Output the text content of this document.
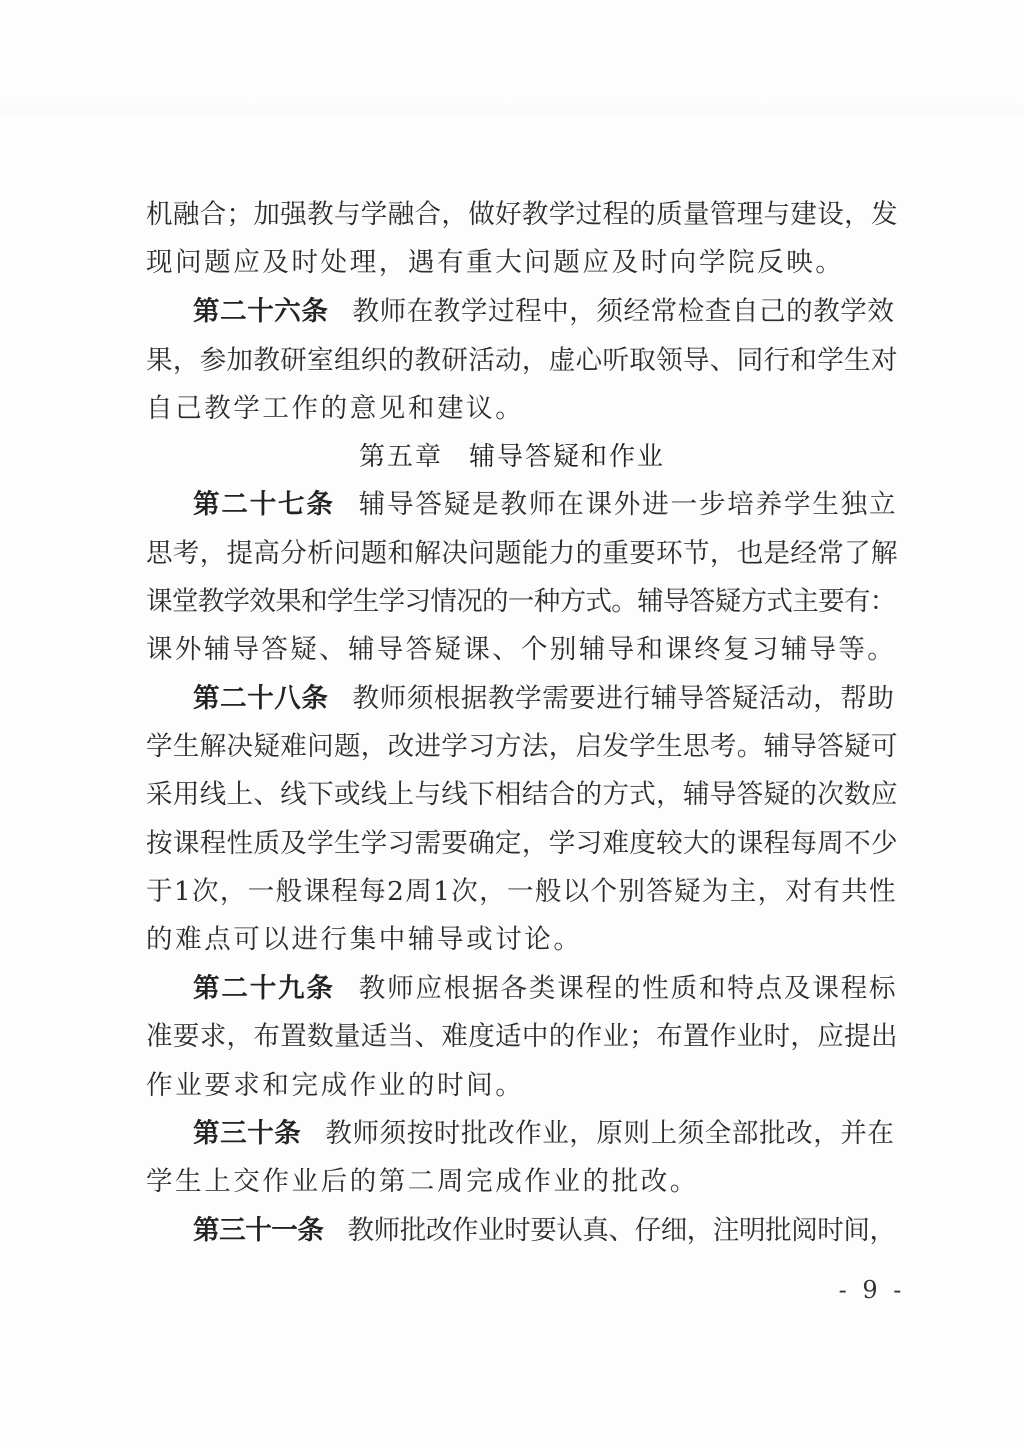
机融合；加强教与学融合，做好教学过程的质量管理与建设，发
现问题应及时处理，遇有重大问题应及时向学院反映。
第二十六条 教师在教学过程中，须经常检查自己的教学效
果，参加教研室组织的教研活动，虚心听取领导、同行和学生对
自己教学工作的意见和建议。
第五章 辅导答疑和作业
第二十七条 辅导答疑是教师在课外进一步培养学生独立
思考，提高分析问题和解决问题能力的重要环节，也是经常了解
课堂教学效果和学生学习情况的一种方式。辅导答疑方式主要有：
课外辅导答疑、辅导答疑课、个别辅导和课终复习辅导等。
第二十八条 教师须根据教学需要进行辅导答疑活动，帮助
学生解决疑难问题，改进学习方法，启发学生思考。辅导答疑可
采用线上、线下或线上与线下相结合的方式，辅导答疑的次数应
按课程性质及学生学习需要确定，学习难度较大的课程每周不少
于1次，一般课程每2周1次，一般以个别答疑为主，对有共性
的难点可以进行集中辅导或讨论。
第二十九条 教师应根据各类课程的性质和特点及课程标
准要求，布置数量适当、难度适中的作业；布置作业时，应提出
作业要求和完成作业的时间。
第三十条 教师须按时批改作业，原则上须全部批改，并在
学生上交作业后的第二周完成作业的批改。
第三十一条 教师批改作业时要认真、仔细，注明批阅时间，
- 9 -
